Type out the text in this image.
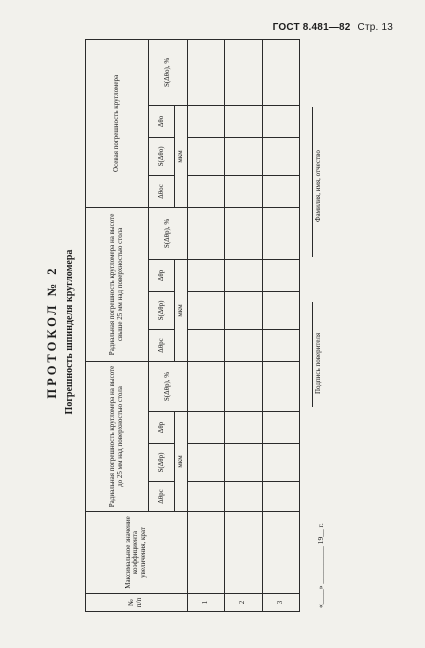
ГОСТ 8.481—82 Стр. 13
ПРОТОКОЛ № 2 Погрешность шпинделя кругломера
№ п/п	Максимальное значение коэффициента увеличения, крат	Радиальная погрешность кругломера на высоте до 25 мм над поверхностью стола				Радиальная погрешность кругломера на высоте свыше 25 мм над поверхностью стола				Осевая погрешность кругломера			
		Δθрс	S(Δθр)	Δθр	S(Δθр), %	Δθрс	S(Δθр)	Δθр	S(Δθр), %	Δθос	S(Δθо)	Δθо	S(Δθо), %
		мкм				мкм				мкм			
1													
2													
3														«____» __________ 19__ г.
Подпись поверителя
Фамилия, имя, отчество
